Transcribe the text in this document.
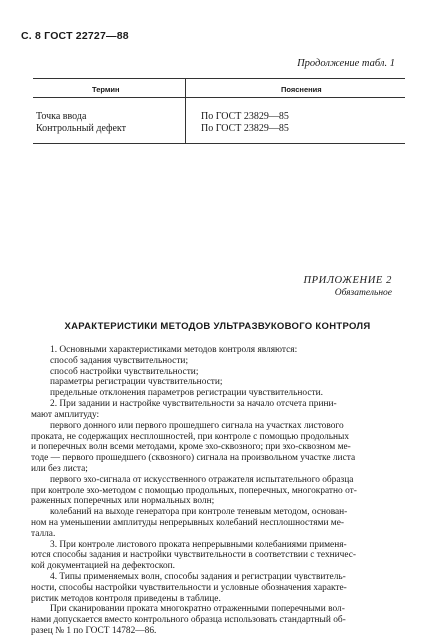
С. 8 ГОСТ 22727—88
Продолжение табл. 1
Термин	Пояснения
Точка ввода	По ГОСТ 23829—85
Контрольный дефект	По ГОСТ 23829—85
ПРИЛОЖЕНИЕ 2
Обязательное
ХАРАКТЕРИСТИКИ МЕТОДОВ УЛЬТРАЗВУКОВОГО КОНТРОЛЯ
1. Основными характеристиками методов контроля являются:
способ задания чувствительности;
способ настройки чувствительности;
параметры регистрации чувствительности;
предельные отклонения параметров регистрации чувствительности.
2. При задании и настройке чувствительности за начало отсчета прини-
мают амплитуду:
первого донного или первого прошедшего сигнала на участках листового
проката, не содержащих несплошностей, при контроле с помощью продольных
и поперечных волн всеми методами, кроме эхо-сквозного; при эхо-сквозном ме-
тоде — первого прошедшего (сквозного) сигнала на произвольном участке листа
или без листа;
первого эхо-сигнала от искусственного отражателя испытательного образца
при контроле эхо-методом с помощью продольных, поперечных, многократно от-
раженных поперечных или нормальных волн;
колебаний на выходе генератора при контроле теневым методом, основан-
ном на уменьшении амплитуды непрерывных колебаний несплошностями ме-
талла.
3. При контроле листового проката непрерывными колебаниями применя-
ются способы задания и настройки чувствительности в соответствии с техничес-
кой документацией на дефектоскоп.
4. Типы применяемых волн, способы задания и регистрации чувствитель-
ности, способы настройки чувствительности и условные обозначения характе-
ристик методов контроля приведены в таблице.
При сканировании проката многократно отраженными поперечными вол-
нами допускается вместо контрольного образца использовать стандартный об-
разец № 1 по ГОСТ 14782—86.
